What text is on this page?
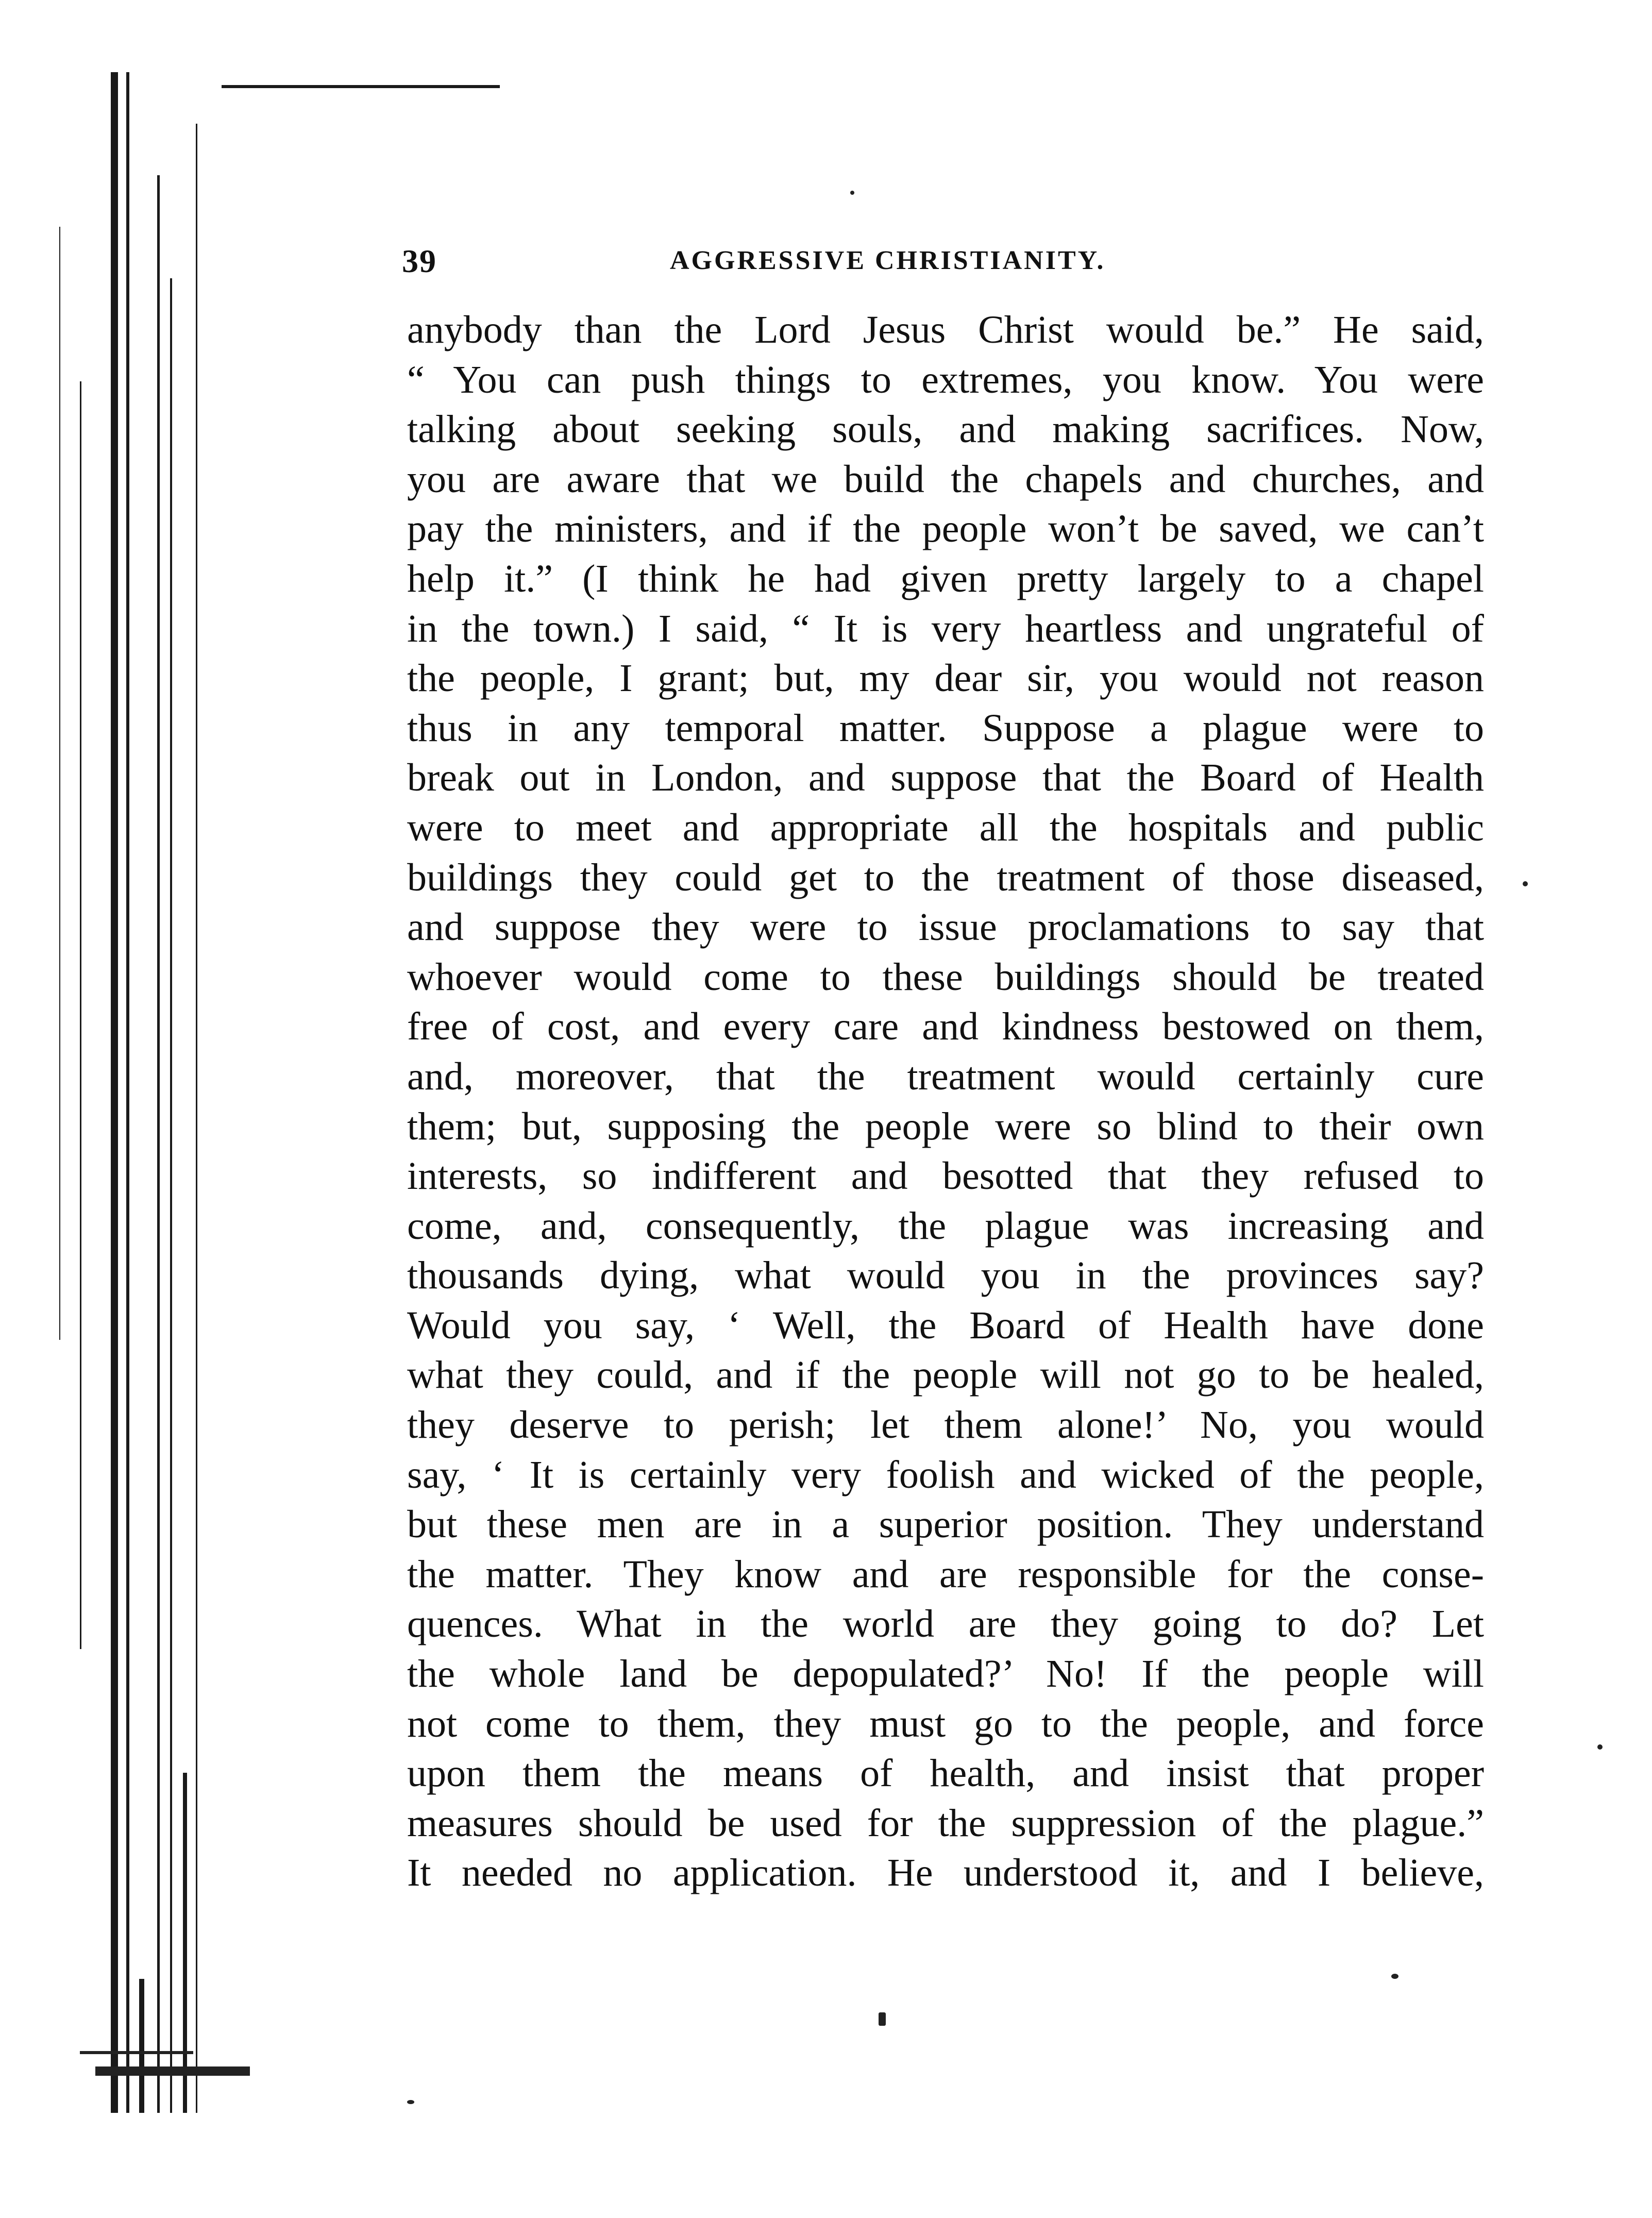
39	AGGRESSIVE CHRISTIANITY.
anybody than the Lord Jesus Christ would be.” He said,
“ You can push things to extremes, you know. You were
talking about seeking souls, and making sacrifices. Now,
you are aware that we build the chapels and churches, and
pay the ministers, and if the people won’t be saved, we can’t
help it.” (I think he had given pretty largely to a chapel
in the town.) I said, “ It is very heartless and ungrateful of
the people, I grant; but, my dear sir, you would not reason
thus in any temporal matter. Suppose a plague were to
break out in London, and suppose that the Board of Health
were to meet and appropriate all the hospitals and public
buildings they could get to the treatment of those diseased,
and suppose they were to issue proclamations to say that
whoever would come to these buildings should be treated
free of cost, and every care and kindness bestowed on them,
and, moreover, that the treatment would certainly cure
them; but, supposing the people were so blind to their own
interests, so indifferent and besotted that they refused to
come, and, consequently, the plague was increasing and
thousands dying, what would you in the provinces say?
Would you say, ‘ Well, the Board of Health have done
what they could, and if the people will not go to be healed,
they deserve to perish; let them alone!’ No, you would
say, ‘ It is certainly very foolish and wicked of the people,
but these men are in a superior position. They understand
the matter. They know and are responsible for the conse-
quences. What in the world are they going to do? Let
the whole land be depopulated?’ No! If the people will
not come to them, they must go to the people, and force
upon them the means of health, and insist that proper
measures should be used for the suppression of the plague.”
It needed no application. He understood it, and I believe,
